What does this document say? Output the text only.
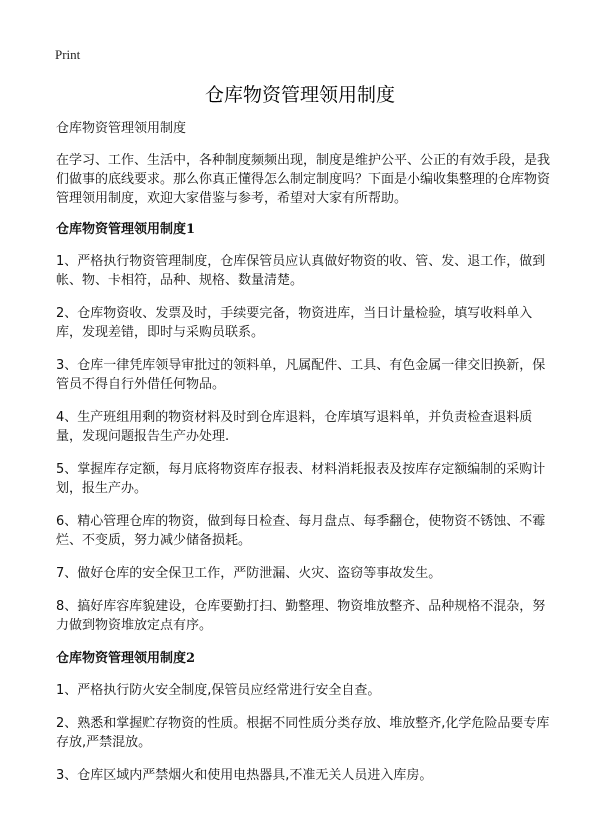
Print
仓库物资管理领用制度

仓库物资管理领用制度

在学习、工作、生活中，各种制度频频出现，制度是维护公平、公正的有效手段，是我们做事的底线要求。那么你真正懂得怎么制定制度吗？下面是小编收集整理的仓库物资管理领用制度，欢迎大家借鉴与参考，希望对大家有所帮助。

仓库物资管理领用制度1

1、严格执行物资管理制度，仓库保管员应认真做好物资的收、管、发、退工作，做到帐、物、卡相符，品种、规格、数量清楚。

2、仓库物资收、发票及时，手续要完备，物资进库，当日计量检验，填写收料单入库，发现差错，即时与采购员联系。

3、仓库一律凭库领导审批过的领料单，凡属配件、工具、有色金属一律交旧换新，保管员不得自行外借任何物品。

4、生产班组用剩的物资材料及时到仓库退料，仓库填写退料单，并负责检查退料质量，发现问题报告生产办处理.

5、掌握库存定额，每月底将物资库存报表、材料消耗报表及按库存定额编制的采购计划，报生产办。

6、精心管理仓库的物资，做到每日检查、每月盘点、每季翻仓，使物资不锈蚀、不霉烂、不变质，努力减少储备损耗。

7、做好仓库的安全保卫工作，严防泄漏、火灾、盗窃等事故发生。

8、搞好库容库貌建设，仓库要勤打扫、勤整理、物资堆放整齐、品种规格不混杂，努力做到物资堆放定点有序。

仓库物资管理领用制度2

1、严格执行防火安全制度,保管员应经常进行安全自查。

2、熟悉和掌握贮存物资的性质。根据不同性质分类存放、堆放整齐,化学危险品要专库存放,严禁混放。

3、仓库区域内严禁烟火和使用电热器具,不准无关人员进入库房。
